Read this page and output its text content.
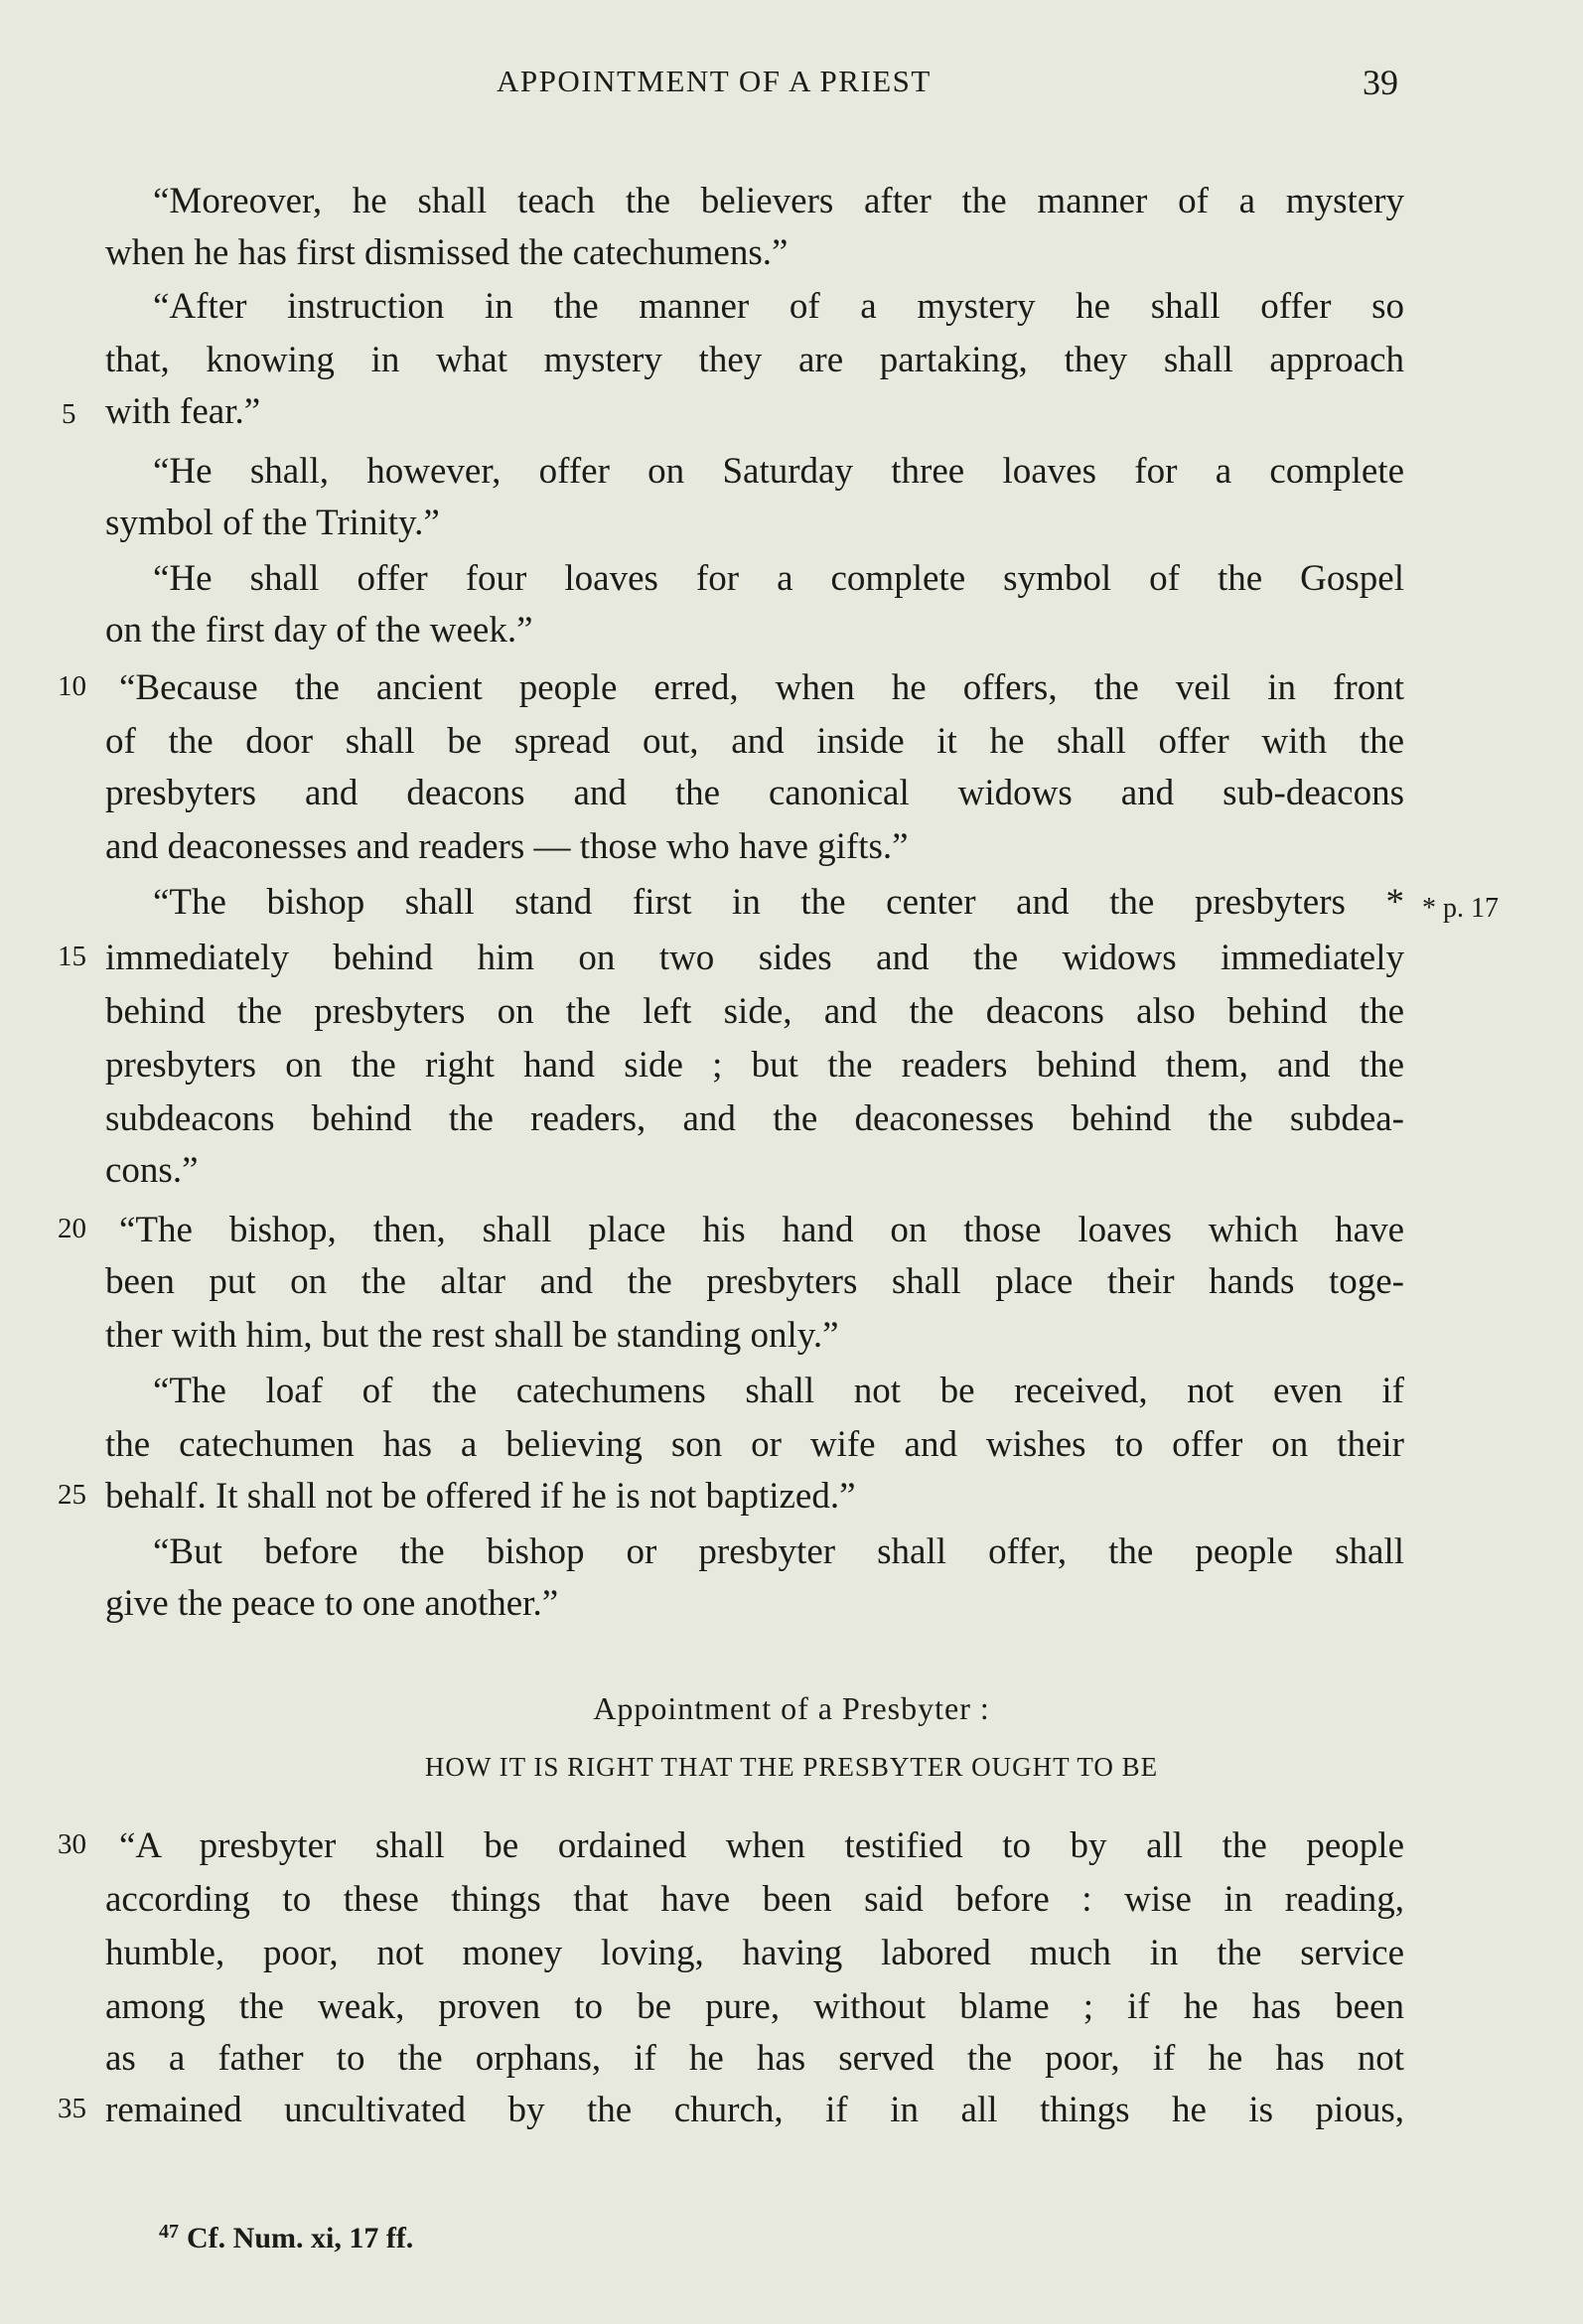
APPOINTMENT OF A PRIEST	39
“Moreover, he shall teach the believers after the manner of a mystery
when he has first dismissed the catechumens.”
“After instruction in the manner of a mystery he shall offer so
that, knowing in what mystery they are partaking, they shall approach
with fear.”
“He shall, however, offer on Saturday three loaves for a complete
symbol of the Trinity.”
“He shall offer four loaves for a complete symbol of the Gospel
on the first day of the week.”
“Because the ancient people erred, when he offers, the veil in front
of the door shall be spread out, and inside it he shall offer with the
presbyters and deacons and the canonical widows and sub-deacons
and deaconesses and readers — those who have gifts.”
“The bishop shall stand first in the center and the presbyters *
immediately behind him on two sides and the widows immediately
behind the presbyters on the left side, and the deacons also behind the
presbyters on the right hand side ; but the readers behind them, and the
subdeacons behind the readers, and the deaconesses behind the subdea-
cons.”
“The bishop, then, shall place his hand on those loaves which have
been put on the altar and the presbyters shall place their hands toge-
ther with him, but the rest shall be standing only.”
“The loaf of the catechumens shall not be received, not even if
the catechumen has a believing son or wife and wishes to offer on their
behalf. It shall not be offered if he is not baptized.”
“But before the bishop or presbyter shall offer, the people shall
give the peace to one another.”
Appointment of a Presbyter :
HOW IT IS RIGHT THAT THE PRESBYTER OUGHT TO BE
“A presbyter shall be ordained when testified to by all the people
according to these things that have been said before : wise in reading,
humble, poor, not money loving, having labored much in the service
among the weak, proven to be pure, without blame ; if he has been
as a father to the orphans, if he has served the poor, if he has not
remained uncultivated by the church, if in all things he is pious,
5
10
15
20
25
30
35
* p. 17
$^{47}$ Cf. Num. xi, 17 ff.
